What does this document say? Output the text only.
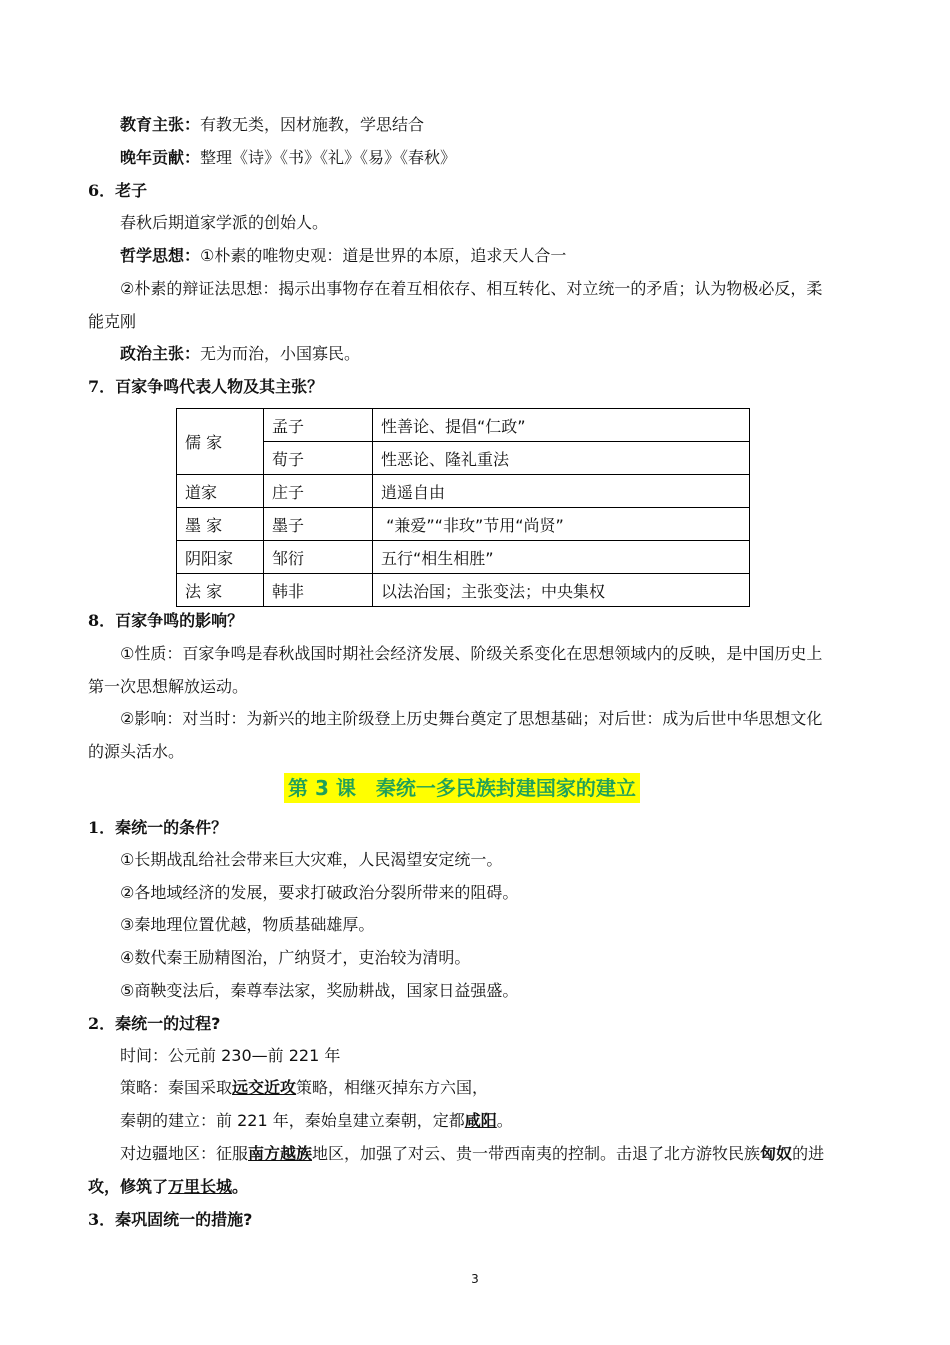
教育主张：有教无类，因材施教，学思结合
晚年贡献：整理《诗》《书》《礼》《易》《春秋》
6．老子
春秋后期道家学派的创始人。
哲学思想：①朴素的唯物史观：道是世界的本原，追求天人合一
②朴素的辩证法思想：揭示出事物存在着互相依存、相互转化、对立统一的矛盾；认为物极必反，柔
能克刚
政治主张：无为而治，小国寡民。
7．百家争鸣代表人物及其主张？
儒 家	孟子	性善论、提倡“仁政”
	荀子	性恶论、隆礼重法
道家	庄子	逍遥自由
墨 家	墨子	“兼爱”“非玫”节用“尚贤”
阴阳家	邹衍	五行“相生相胜”
法 家	韩非	以法治国；主张变法；中央集权
8．百家争鸣的影响？
①性质：百家争鸣是春秋战国时期社会经济发展、阶级关系变化在思想领域内的反映，是中国历史上
第一次思想解放运动。
②影响：对当时：为新兴的地主阶级登上历史舞台奠定了思想基础；对后世：成为后世中华思想文化
的源头活水。
第 3 课　秦统一多民族封建国家的建立
1．秦统一的条件？
①长期战乱给社会带来巨大灾难，人民渴望安定统一。
②各地域经济的发展，要求打破政治分裂所带来的阻碍。
③秦地理位置优越，物质基础雄厚。
④数代秦王励精图治，广纳贤才，吏治较为清明。
⑤商鞅变法后，秦尊奉法家，奖励耕战，国家日益强盛。
2．秦统一的过程?
时间：公元前 230—前 221 年
策略：秦国采取远交近攻策略，相继灭掉东方六国，
秦朝的建立：前 221 年，秦始皇建立秦朝，定都咸阳。
对边疆地区：征服南方越族地区，加强了对云、贵一带西南夷的控制。击退了北方游牧民族匈奴的进
攻，修筑了万里长城。
3．秦巩固统一的措施?
3
